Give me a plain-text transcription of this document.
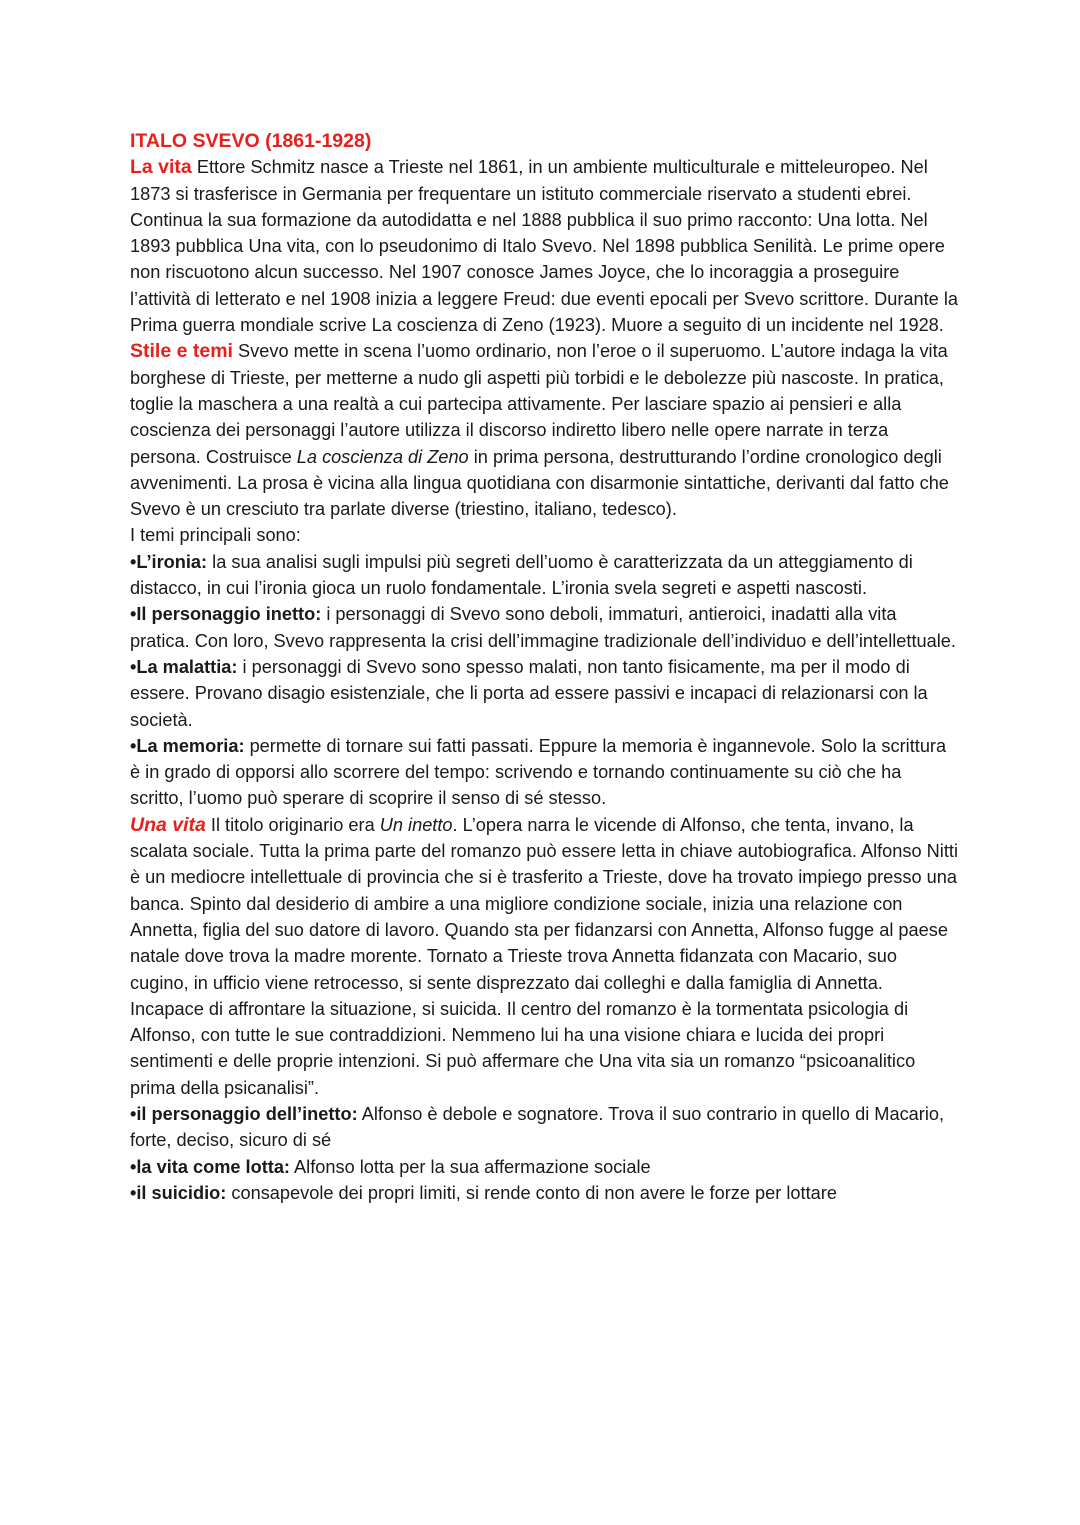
ITALO SVEVO (1861-1928)

La vita Ettore Schmitz nasce a Trieste nel 1861, in un ambiente multiculturale e mitteleuropeo. Nel 1873 si trasferisce in Germania per frequentare un istituto commerciale riservato a studenti ebrei. Continua la sua formazione da autodidatta e nel 1888 pubblica il suo primo racconto: Una lotta. Nel 1893 pubblica Una vita, con lo pseudonimo di Italo Svevo. Nel 1898 pubblica Senilità. Le prime opere non riscuotono alcun successo. Nel 1907 conosce James Joyce, che lo incoraggia a proseguire l’attività di letterato e nel 1908 inizia a leggere Freud: due eventi epocali per Svevo scrittore. Durante la Prima guerra mondiale scrive La coscienza di Zeno (1923). Muore a seguito di un incidente nel 1928.

Stile e temi Svevo mette in scena l’uomo ordinario, non l’eroe o il superuomo. L’autore indaga la vita borghese di Trieste, per metterne a nudo gli aspetti più torbidi e le debolezze più nascoste. In pratica, toglie la maschera a una realtà a cui partecipa attivamente. Per lasciare spazio ai pensieri e alla coscienza dei personaggi l’autore utilizza il discorso indiretto libero nelle opere narrate in terza persona. Costruisce La coscienza di Zeno in prima persona, destrutturando l’ordine cronologico degli avvenimenti. La prosa è vicina alla lingua quotidiana con disarmonie sintattiche, derivanti dal fatto che Svevo è un cresciuto tra parlate diverse (triestino, italiano, tedesco).

I temi principali sono:

•L’ironia: la sua analisi sugli impulsi più segreti dell’uomo è caratterizzata da un atteggiamento di distacco, in cui l’ironia gioca un ruolo fondamentale. L’ironia svela segreti e aspetti nascosti.

•Il personaggio inetto: i personaggi di Svevo sono deboli, immaturi, antieroici, inadatti alla vita pratica. Con loro, Svevo rappresenta la crisi dell’immagine tradizionale dell’individuo e dell’intellettuale.

•La malattia: i personaggi di Svevo sono spesso malati, non tanto fisicamente, ma per il modo di essere. Provano disagio esistenziale, che li porta ad essere passivi e incapaci di relazionarsi con la società.

•La memoria: permette di tornare sui fatti passati. Eppure la memoria è ingannevole. Solo la scrittura è in grado di opporsi allo scorrere del tempo: scrivendo e tornando continuamente su ciò che ha scritto, l’uomo può sperare di scoprire il senso di sé stesso.

Una vita Il titolo originario era Un inetto. L’opera narra le vicende di Alfonso, che tenta, invano, la scalata sociale. Tutta la prima parte del romanzo può essere letta in chiave autobiografica. Alfonso Nitti è un mediocre intellettuale di provincia che si è trasferito a Trieste, dove ha trovato impiego presso una banca. Spinto dal desiderio di ambire a una migliore condizione sociale, inizia una relazione con Annetta, figlia del suo datore di lavoro. Quando sta per fidanzarsi con Annetta, Alfonso fugge al paese natale dove trova la madre morente. Tornato a Trieste trova Annetta fidanzata con Macario, suo cugino, in ufficio viene retrocesso, si sente disprezzato dai colleghi e dalla famiglia di Annetta. Incapace di affrontare la situazione, si suicida. Il centro del romanzo è la tormentata psicologia di Alfonso, con tutte le sue contraddizioni. Nemmeno lui ha una visione chiara e lucida dei propri sentimenti e delle proprie intenzioni. Si può affermare che Una vita sia un romanzo “psicoanalitico prima della psicanalisi”.

•il personaggio dell’inetto: Alfonso è debole e sognatore. Trova il suo contrario in quello di Macario, forte, deciso, sicuro di sé

•la vita come lotta: Alfonso lotta per la sua affermazione sociale

•il suicidio: consapevole dei propri limiti, si rende conto di non avere le forze per lottare
